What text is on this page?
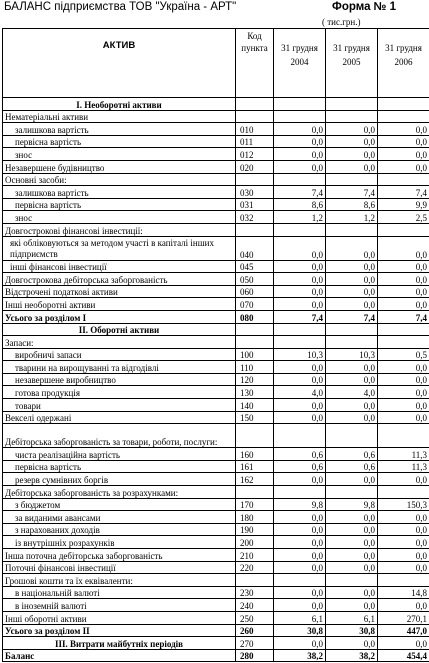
БАЛАНС підприємства ТОВ "Україна - АРТ"	Форма № 1
( тис.грн.)
АКТИВ	Код пункта	31 грудня 2004	31 грудня 2005	31 грудня 2006
I. Необоротні активи				
Нематеріальні активи				
залишкова вартість	010	0,0	0,0	0,0
первісна вартість	011	0,0	0,0	0,0
знос	012	0,0	0,0	0,0
Незавершене будівництво	020	0,0	0,0	0,0
Основні засоби:				
залишкова вартість	030	7,4	7,4	7,4
первісна вартість	031	8,6	8,6	9,9
знос	032	1,2	1,2	2,5
Довгострокові фінансові інвестиції:				
які обліковуються за методом участі в капіталі інших підприємств	040	0,0	0,0	0,0
інші фінансові інвестиції	045	0,0	0,0	0,0
Довгострокова дебіторська заборгованість	050	0,0	0,0	0,0
Відстрочені податкові активи	060	0,0	0,0	0,0
Інші необоротні активи	070	0,0	0,0	0,0
Усього за розділом I	080	7,4	7,4	7,4
II. Оборотні активи				
Запаси:				
виробничі запаси	100	10,3	10,3	0,5
тварини на вирощуванні та відгодівлі	110	0,0	0,0	0,0
незавершене виробництво	120	0,0	0,0	0,0
готова продукція	130	4,0	4,0	0,0
товари	140	0,0	0,0	0,0
Векселі одержані	150	0,0	0,0	0,0
Дебіторська заборгованість за товари, роботи, послуги:				
чиста реалізаційна вартість	160	0,6	0,6	11,3
первісна вартість	161	0,6	0,6	11,3
резерв сумнівних боргів	162	0,0	0,0	0,0
Дебіторська заборгованість за розрахунками:				
з бюджетом	170	9,8	9,8	150,3
за виданими авансами	180	0,0	0,0	0,0
з нарахованих доходів	190	0,0	0,0	0,0
із внутрішніх розрахунків	200	0,0	0,0	0,0
Інша поточна дебіторська заборгованість	210	0,0	0,0	0,0
Поточні фінансові інвестиції	220	0,0	0,0	0,0
Грошові кошти та їх еквіваленти:				
в національній валюті	230	0,0	0,0	14,8
в іноземній валюті	240	0,0	0,0	0,0
Інші оборотні активи	250	6,1	6,1	270,1
Усього за розділом II	260	30,8	30,8	447,0
III. Витрати майбутніх періодів	270	0,0	0,0	0,0
Баланс	280	38,2	38,2	454,4
